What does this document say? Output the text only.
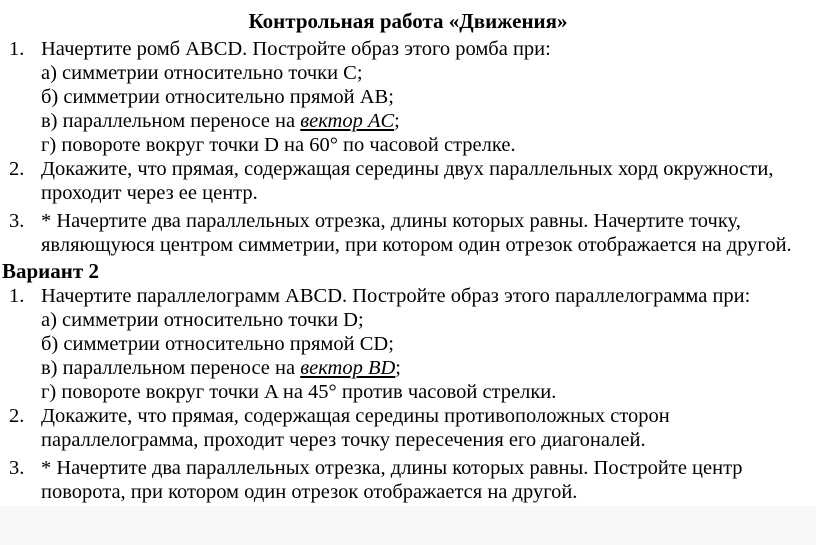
Контрольная работа «Движения»
1. Начертите ромб ABCD. Постройте образ этого ромба при:
а) симметрии относительно точки C;
б) симметрии относительно прямой AB;
в) параллельном переносе на вектор AC;
г) повороте вокруг точки D на 60° по часовой стрелке.
2. Докажите, что прямая, содержащая середины двух параллельных хорд окружности,
проходит через ее центр.
3. * Начертите два параллельных отрезка, длины которых равны. Начертите точку,
являющуюся центром симметрии, при котором один отрезок отображается на другой.
Вариант 2
1. Начертите параллелограмм ABCD. Постройте образ этого параллелограмма при:
а) симметрии относительно точки D;
б) симметрии относительно прямой CD;
в) параллельном переносе на вектор BD;
г) повороте вокруг точки A на 45° против часовой стрелки.
2. Докажите, что прямая, содержащая середины противоположных сторон
параллелограмма, проходит через точку пересечения его диагоналей.
3. * Начертите два параллельных отрезка, длины которых равны. Постройте центр
поворота, при котором один отрезок отображается на другой.
